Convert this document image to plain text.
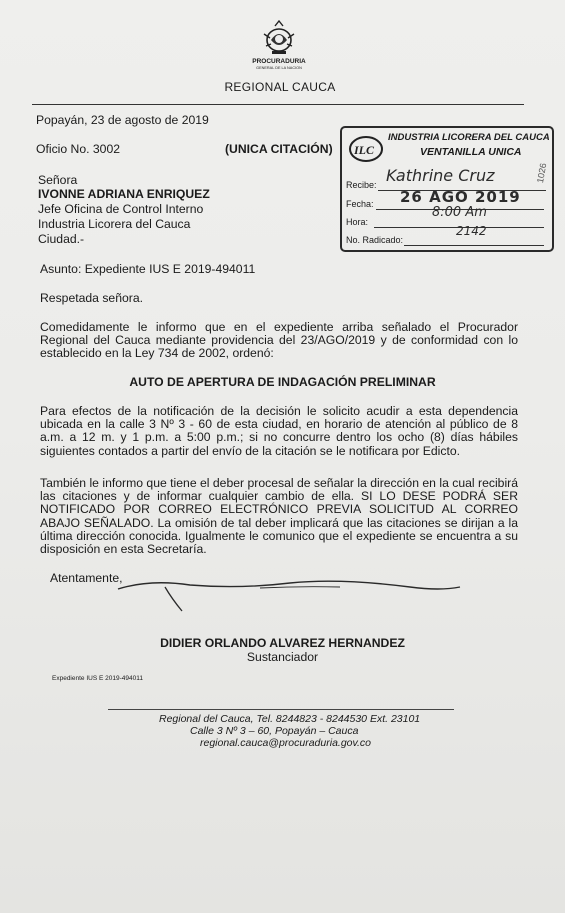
PROCURADURIA
GENERAL DE LA NACION
REGIONAL CAUCA
Popayán, 23 de agosto de 2019
Oficio No. 3002	(UNICA CITACIÓN)
Señora
IVONNE ADRIANA ENRIQUEZ
Jefe Oficina de Control Interno
Industria Licorera del Cauca
Ciudad.-
ILC
INDUSTRIA LICORERA DEL CAUCA
VENTANILLA UNICA
Recibe: Kathrine Cruz
Fecha: 26 AGO 2019
Hora:
8:00 Am
No. Radicado:
2142
1026
Asunto: Expediente IUS E 2019-494011
Respetada señora.
Comedidamente le informo que en el expediente arriba señalado el Procurador Regional del Cauca mediante providencia del 23/AGO/2019 y de conformidad con lo establecido en la Ley 734 de 2002, ordenó:
AUTO DE APERTURA DE INDAGACIÓN PRELIMINAR
Para efectos de la notificación de la decisión le solicito acudir a esta dependencia ubicada en la calle 3 Nº 3 - 60 de esta ciudad, en horario de atención al público de 8 a.m. a 12 m. y 1 p.m. a 5:00 p.m.; si no concurre dentro los ocho (8) días hábiles siguientes contados a partir del envío de la citación se le notificara por Edicto.
También le informo que tiene el deber procesal de señalar la dirección en la cual recibirá las citaciones y de informar cualquier cambio de ella. SI LO DESE PODRÁ SER NOTIFICADO POR CORREO ELECTRÓNICO PREVIA SOLICITUD AL CORREO ABAJO SEÑALADO. La omisión de tal deber implicará que las citaciones se dirijan a la última dirección conocida. Igualmente le comunico que el expediente se encuentra a su disposición en esta Secretaría.
Atentamente,
DIDIER ORLANDO ALVAREZ HERNANDEZ
Sustanciador
Expediente IUS E 2019-494011
Regional del Cauca, Tel. 8244823 - 8244530 Ext. 23101
Calle 3 Nº 3 – 60, Popayán – Cauca
regional.cauca@procuraduria.gov.co
